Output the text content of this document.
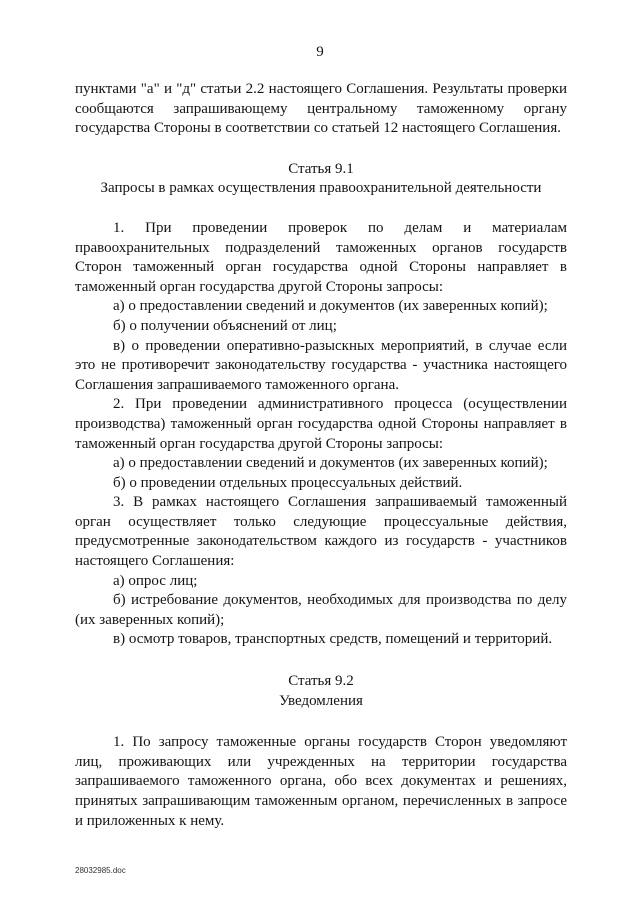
9

пунктами "а" и "д" статьи 2.2 настоящего Соглашения. Результаты проверки сообщаются запрашивающему центральному таможенному органу государства Стороны в соответствии со статьей 12 настоящего Соглашения.

Статья 9.1

Запросы в рамках осуществления правоохранительной деятельности

1. При проведении проверок по делам и материалам правоохранительных подразделений таможенных органов государств Сторон таможенный орган государства одной Стороны направляет в таможенный орган государства другой Стороны запросы:

а) о предоставлении сведений и документов (их заверенных копий);

б) о получении объяснений от лиц;

в) о проведении оперативно-разыскных мероприятий, в случае если это не противоречит законодательству государства - участника настоящего Соглашения запрашиваемого таможенного органа.

2. При проведении административного процесса (осуществлении производства) таможенный орган государства одной Стороны направляет в таможенный орган государства другой Стороны запросы:

а) о предоставлении сведений и документов (их заверенных копий);

б) о проведении отдельных процессуальных действий.

3. В рамках настоящего Соглашения запрашиваемый таможенный орган осуществляет только следующие процессуальные действия, предусмотренные законодательством каждого из государств - участников настоящего Соглашения:

а) опрос лиц;

б) истребование документов, необходимых для производства по делу (их заверенных копий);

в) осмотр товаров, транспортных средств, помещений и территорий.

Статья 9.2

Уведомления

1. По запросу таможенные органы государств Сторон уведомляют лиц, проживающих или учрежденных на территории государства запрашиваемого таможенного органа, обо всех документах и решениях, принятых запрашивающим таможенным органом, перечисленных в запросе и приложенных к нему.

28032985.doc
